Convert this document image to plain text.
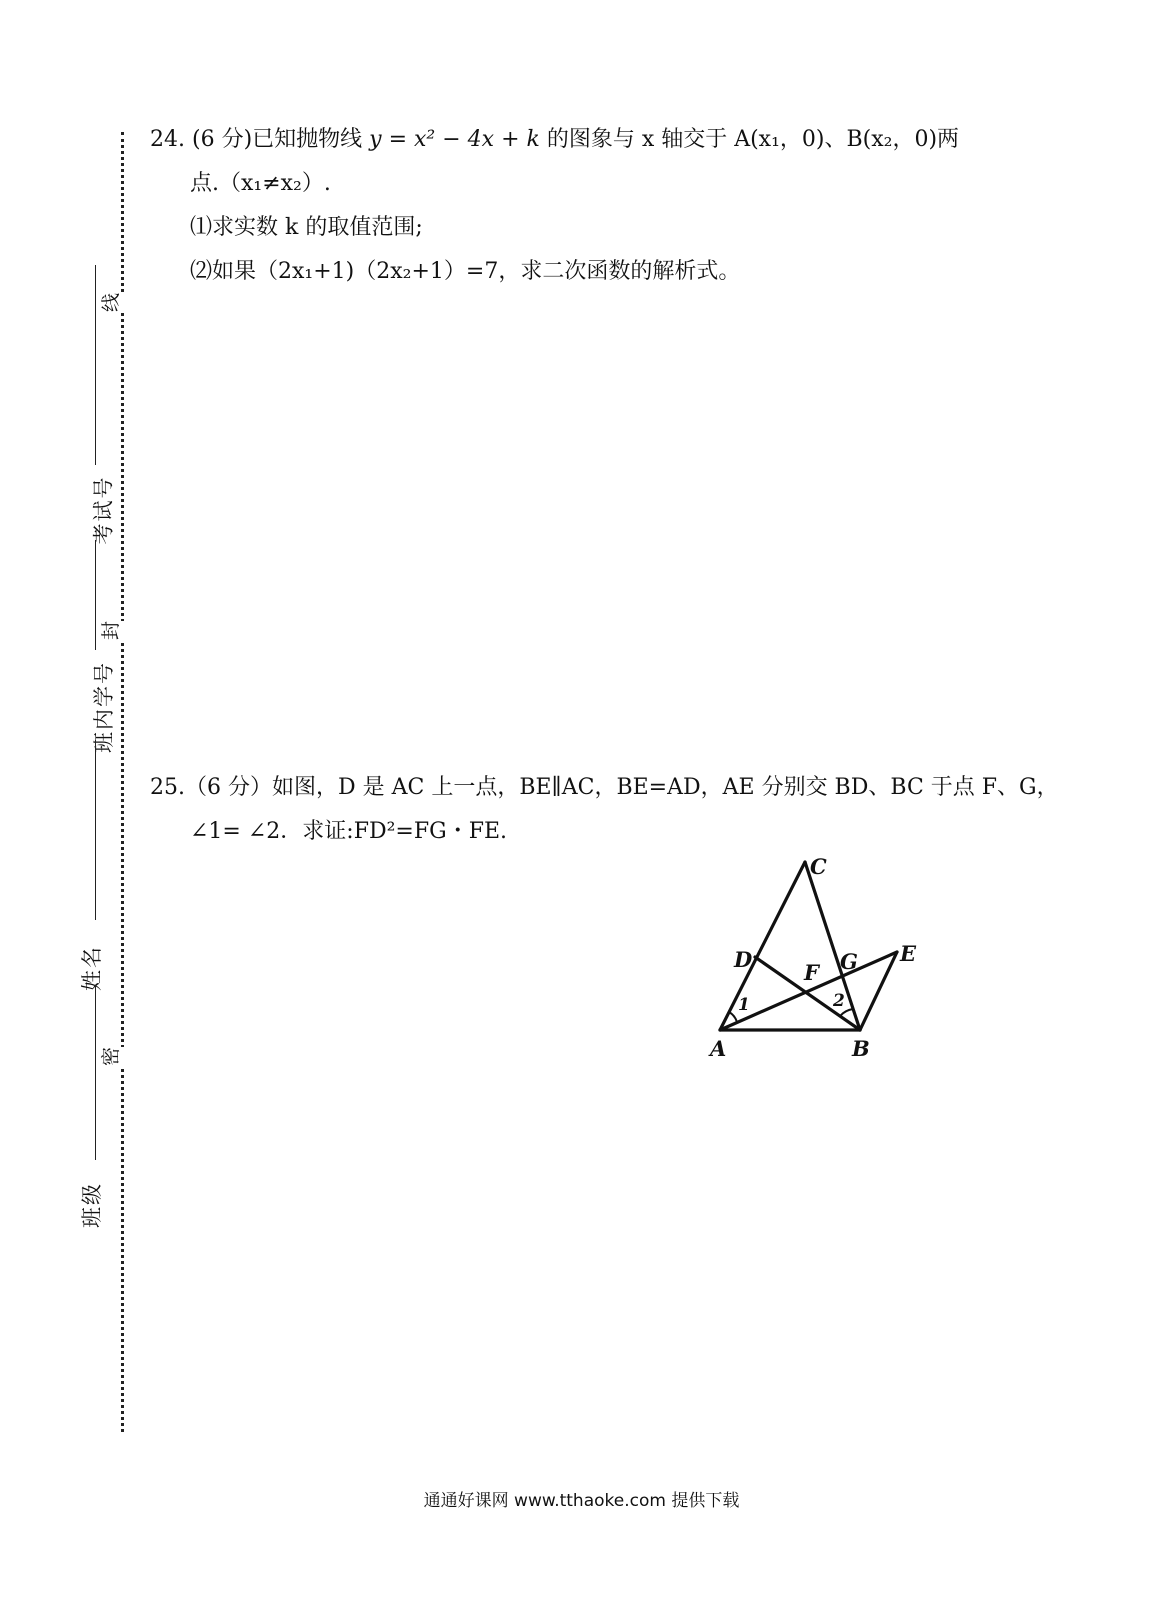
线
封
密
考试号
班内学号
姓名
班级
24. (6 分)已知抛物线 y = x² − 4x + k 的图象与 x 轴交于 A(x₁，0)、B(x₂，0)两
点.（x₁≠x₂）.
⑴求实数 k 的取值范围;
⑵如果（2x₁+1)（2x₂+1）=7，求二次函数的解析式。
25.（6 分）如图，D 是 AC 上一点，BE∥AC，BE=AD，AE 分别交 BD、BC 于点 F、G，
∠1= ∠2．求证:FD²=FG・FE.
C
D
F G E
A	B
1	2
通通好课网 www.tthaoke.com 提供下载
